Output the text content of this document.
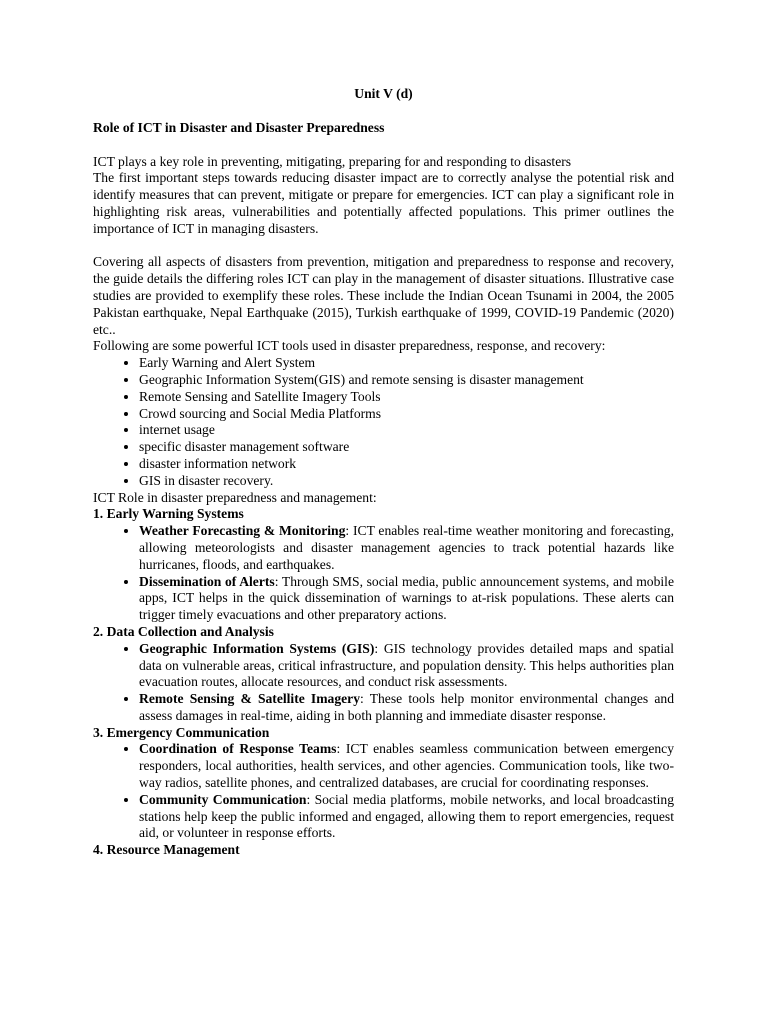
Unit V (d)
Role of ICT in Disaster and Disaster Preparedness

ICT plays a key role in preventing, mitigating, preparing for and responding to disasters

The first important steps towards reducing disaster impact are to correctly analyse the potential risk and identify measures that can prevent, mitigate or prepare for emergencies. ICT can play a significant role in highlighting risk areas, vulnerabilities and potentially affected populations. This primer outlines the importance of ICT in managing disasters.

Covering all aspects of disasters from prevention, mitigation and preparedness to response and recovery, the guide details the differing roles ICT can play in the management of disaster situations. Illustrative case studies are provided to exemplify these roles. These include the Indian Ocean Tsunami in 2004, the 2005 Pakistan earthquake, Nepal Earthquake (2015), Turkish earthquake of 1999, COVID-19 Pandemic (2020) etc..

Following are some powerful ICT tools used in disaster preparedness, response, and recovery:

• Early Warning and Alert System
• Geographic Information System(GIS) and remote sensing is disaster management
• Remote Sensing and Satellite Imagery Tools
• Crowd sourcing and Social Media Platforms
• internet usage
• specific disaster management software
• disaster information network
• GIS in disaster recovery.

ICT Role in disaster preparedness and management:

1. Early Warning Systems
• Weather Forecasting & Monitoring: ICT enables real-time weather monitoring and forecasting, allowing meteorologists and disaster management agencies to track potential hazards like hurricanes, floods, and earthquakes.
• Dissemination of Alerts: Through SMS, social media, public announcement systems, and mobile apps, ICT helps in the quick dissemination of warnings to at-risk populations. These alerts can trigger timely evacuations and other preparatory actions.
2. Data Collection and Analysis
• Geographic Information Systems (GIS): GIS technology provides detailed maps and spatial data on vulnerable areas, critical infrastructure, and population density. This helps authorities plan evacuation routes, allocate resources, and conduct risk assessments.
• Remote Sensing & Satellite Imagery: These tools help monitor environmental changes and assess damages in real-time, aiding in both planning and immediate disaster response.
3. Emergency Communication
• Coordination of Response Teams: ICT enables seamless communication between emergency responders, local authorities, health services, and other agencies. Communication tools, like two-way radios, satellite phones, and centralized databases, are crucial for coordinating responses.
• Community Communication: Social media platforms, mobile networks, and local broadcasting stations help keep the public informed and engaged, allowing them to report emergencies, request aid, or volunteer in response efforts.
4. Resource Management
